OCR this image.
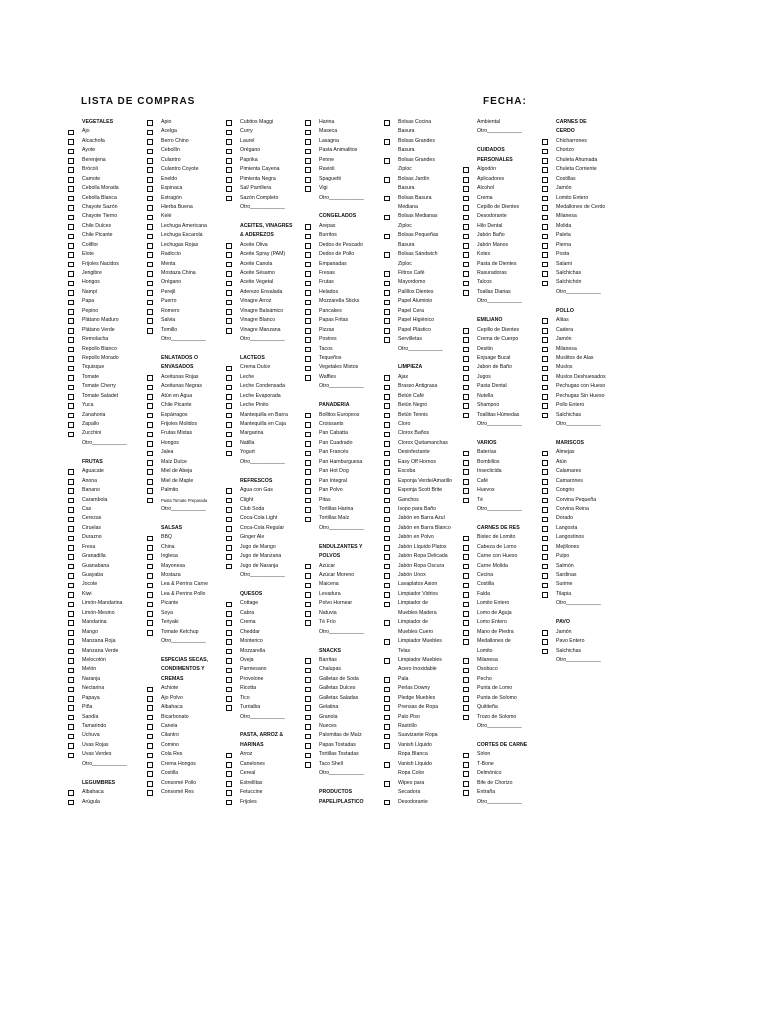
LISTA DE COMPRAS	FECHA:
VEGETALES
Ajo
Alcachofa
Ayote
Berenjena
Brócoli
Camote
Cebolla Morada
Cebolla Blanca
Chayote Sazón
Chayote Tierno
Chile Dulces
Chile Picante
Coliflor
Elote
Frijoles Nacidos
Jengibre
Hongos
Nampí
Papa
Pepino
Plátano Maduro
Plátano Verde
Remolacha
Repollo Blanco
Repollo Morado
Tiquisque
Tomate
Tomate Cherry
Tomate Saladet
Yuca
Zanahoria
Zapallo
Zucchini
Otro____________
FRUTAS
Aguacate
Anona
Banano
Carambola
Cas
Cerezas
Ciruelas
Durazno
Fresa
Granadilla
Guanabana
Guayaba
Jocote
Kiwi
Limón-Mandarina
Limón-Mesino
Mandarina
Mango
Manzana Roja
Manzana Verde
Melocotón
Melón
Naranja
Nectarina
Papaya
Piña
Sandía
Tamarindo
Uchuva
Uvas Rojas
Uvas Verdes
Otro____________
LEGUMBRES
Albahaca
Arúgula
Apio
Acelga
Berro Chino
Cebollín
Culantro
Culantro Coyote
Eneldo
Espinaca
Estragón
Hierba Buena
Kelé
Lechuga Americana
Lechuga Escarola
Lechugas Rojas
Radiccio
Menta
Mostaza China
Orégano
Perejil
Puerro
Romero
Salvia
Tomillo
Otro____________
ENLATADOS O
ENVASADOS
Aceitunas Rojas
Aceitunas Negras
Atún en Agua
Chile Picante
Espárragos
Frijoles Molidos
Frutas Mixtas
Hongos
Jalea
Maíz Dulce
Miel de Abeja
Miel de Maple
Palmito
Pasta Tomate Preparada
Otro____________
SALSAS
BBQ
China
Inglesa
Mayonesa
Mostaza
Lea & Perrins Carne
Lea & Perrins Pollo
Picante
Soya
Teriyaki
Tomate Ketchup
Otro____________
ESPECIAS SECAS,
CONDIMENTOS Y
CREMAS
Achiote
Ajo Polvo
Albahaca
Bicarbonato
Canela
Cilantro
Comino
Cola Res
Crema Hongos
Costilla
Consomé Pollo
Consomé Res
Cubitos Maggi
Curry
Laurel
Orégano
Paprika
Pimienta Cayena
Pimienta Negra
Sal/ Parrillera
Sazón Completo
Otro____________
ACEITES, VINAGRES
& ADEREZOS
Aceite Oliva
Aceite Spray (PAM)
Aceite Canola
Aceite Sésamo
Aceite Vegetal
Aderezo Ensalada
Vinagre Arroz
Vinagre Balsámico
Vinagre Blanco
Vinagre Manzana
Otro____________
LACTEOS
Crema Dulce
Leche
Leche Condensada
Leche Evaporada
Leche Pinito
Mantequilla en Barra
Mantequilla en Caja
Margarina
Natilla
Yogurt
Otro____________
REFRESCOS
Agua con Gas
Clight
Club Soda
Coca-Cola Light
Coca-Cola Regular
Ginger Ale
Jugo de Mango
Jugo de Manzana
Jugo de Naranja
Otro____________
QUESOS
Cottage
Cabra
Crema
Cheddar
Monterico
Mozzarella
Oveja
Parmesano
Provolone
Ricotta
Tico
Turrialba
Otro____________
PASTA, ARROZ &
HARINAS
Arroz
Canelones
Cereal
Estrellitas
Fetuccine
Frijoles
Harina
Maseca
Lasagna
Pasta Animalitos
Penne
Ravioli
Spaguetti
Vigi
Otro____________
CONGELADOS
Arepas
Burritos
Dedos de Pescado
Dedos de Pollo
Empanadas
Fresas
Frutas
Helados
Mozzarella Sticks
Pancakes
Papas Fritas
Pizzas
Postres
Tacos
Tequeños
Vegetales Mixtos
Waffles
Otro____________
PANADERIA
Bollitos Europeos
Croissants
Pan Cabatta
Pan Cuadrado
Pan Francés
Pan Hamburguesa
Pan Hot Dog
Pan Integral
Pan Polvo
Pitas
Tortillas Harina
Tortillas Maíz
Otro____________
ENDULZANTES Y
POLVOS
Azúcar
Azúcar Moreno
Maicena
Levadura
Polvo Hornear
Natuvia
Té Frío
Otro____________
SNACKS
Barritas
Chalupas
Galletas de Soda
Galletas Dulces
Galletas Saladas
Gelatina
Granola
Nueces
Palomitas de Maíz
Papas Tostadas
Tortillas Tostadas
Taco Shell
Otro____________
PRODUCTOS
PAPEL/PLASTICO
Bolsas Cocina
Basura
Bolsas Grandes
Basura
Bolsas Grandes
Ziploc
Bolsas Jardín
Basura
Bolsas Basura
Mediana
Bolsas Medianas
Ziploc
Bolsas Pequeñas
Basura
Bolsas Sándwich
Ziploc
Filtros Café
Mayordomo
Palillos Dientes
Papel Aluminio
Papel Cera
Papel Higiénico
Papel Plástico
Servilletas
Otro____________
LIMPIEZA
Ajax
Brasso Antigrasa
Betún Café
Betún Negro
Betún Tennis
Cloro
Clorox Baños
Clorox Quitamanchas
Desinfectante
Easy Off Hornos
Escoba
Esponja Verde/Amarillo
Esponja Scott Brite
Ganchos
Isopo para Baño
Jabón en Barra Azul
Jabón en Barra Blanco
Jabón en Polvo
Jabón Líquido Platos
Jabón Ropa Delicada
Jabón Ropa Oscura
Jabón Unox
Lavaplatos Axion
Limpiador Vidrios
Limpiador de
Muebles Madera
Limpiador de
Muebles Cuero
Limpiador Muebles
Telas
Limpiador Muebles
Acero Inoxidable
Pala
Perlas Downy
Pledge Muebles
Prensas de Ropa
Palo Piso
Rastrillo
Suavizante Ropa
Vanish Líquido
Ropa Blanca
Vanish Líquido
Ropa Color
Wipes para
Secadora
Desodorante
Ambiental
Otro____________
CUIDADOS
PERSONALES
Algodón
Aplicadores
Alcohol
Crema
Cepillo de Dientes
Desodorante
Hilo Dental
Jabón Baño
Jabón Manos
Kotex
Pasta de Dientes
Rasuradoras
Talcos
Toallas Diarias
Otro____________
EMILIANO
Cepillo de Dientes
Crema de Cuerpo
Desitin
Enjuage Bucal
Jabon de Baño
Jugos
Pasta Dental
Nutella
Shampoo
Toallitas Húmedas
Otro____________
VARIOS
Baterías
Bombillos
Insecticida
Café
Huevos
Té
Otro____________
CARNES DE RES
Bistec de Lomito
Cabeza de Lomo
Carne con Hueso
Carne Molida
Cecina
Costilla
Falda
Lomito Entero
Lomo de Aguja
Lomo Entero
Mano de Piedra
Medallones de
Lomito
Milanesa
Osobuco
Pecho
Punta de Lomo
Punta de Solomo
Quititeña
Trozo de Solomo
Otro____________
CORTES DE CARNE
Sirlon
T-Bone
Delmónico
Bife de Chorizo
Entraña
Otro____________
CARNES DE
CERDO
Chicharrones
Chorizo
Chuleta Ahumada
Chuleta Corriente
Costillas
Jamón
Lomito Entero
Medallones de Cerdo
Milanesa
Molida
Paleta
Pierna
Posta
Salami
Salchichas
Salchichón
Otro____________
POLLO
Alitas
Cadera
Jamón
Milanesa
Muslitos de Alas
Muslos
Muslos Deshuesados
Pechugas con Hueso
Pechugas Sin Hueso
Pollo Entero
Salchichas
Otro____________
MARISCOS
Almejas
Atún
Calamares
Camarones
Congrio
Corvina Pequeña
Corvina Reina
Dorado
Langosta
Langostinos
Mejillones
Pulpo
Salmón
Sardinas
Surime
Tilapia
Otro____________
PAVO
Jamón
Pavo Entero
Salchichas
Otro____________
